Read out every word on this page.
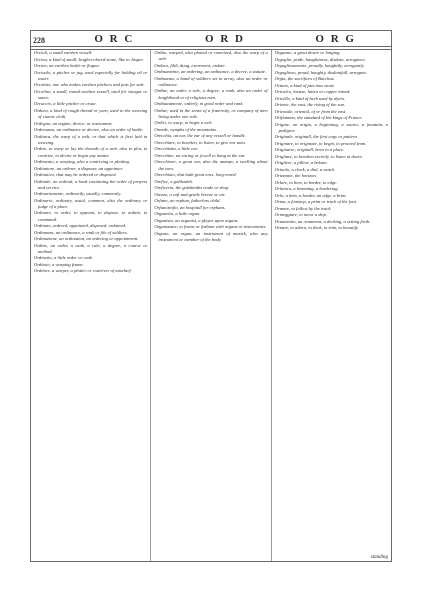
228	O R C	O R D	O R G

Orcioli, a small earthen vessell.

Orcina, a kind of small, bright-colored stone, like to Jasper.

Orcino, an earthen bottle or flagon.

Orciuolo, a pitcher or jug, used especially for holding oil or water.

Orcolaio, one who makes earthen pitchers and pots for sale.

Orcolino, a small, round earthen vessell, used for vinegar or sauce.

Orcuccio, a little pitcher or cruse.

Ordura, a kind of rough thread or yarn, used in the weaving of coarse cloth.

Ordegno, an engine, device, or instrument.

Ordenanza, an ordinance or decree, also an order of battle.

Orditura, the warp of a web, or that which is first laid in weaving.

Ordire, to warp or lay the threads of a web, also to plot, to contrive, to devise or begin any matter.

Ordimento, a warping, also a contriving or plotting.

Ordinatore, an orderer, a disposer, an appointer.

Ordinativo, that may be ordered or disposed.

Ordinale, an ordinal, a book containing the order of prayers and service.

Ordinariamente, ordinarily, usually, commonly.

Ordinario, ordinary, usual, common, also the ordinary or judge of a place.

Ordinare, to order, to appoint, to dispose, to ordain, to command.

Ordinato, ordered, appointed, disposed, ordained.

Ordinanza, an ordinance, a rank or file of soldiers.

Ordinazione, an ordination, an ordering or appointment.

Ordine, an order, a rank, a rule, a degree, a course or method.

Ordinetto, a little order or rank.

Orditoio, a warping frame.

Orditore, a warper, a plotter or contriver of mischief.

Ordito, warped, also plotted or contrived, also the warp of a web.

Ordura, filth, dung, excrement, ordure.

Ordinamento, an ordering, an ordinance, a decree, a statute.

Ordinanza, a band of soldiers set in array, also an order or ordinance.

Ordine, an order, a rule, a degree, a rank, also an order of knighthood or of religious men.

Ordinatamente, orderly, in good order and rank.

Ordine, used in the sense of a fraternity, or company of men living under one rule.

Ordiri, to warp, to begin a web.

Oreade, nymphs of the mountains.

Orecchia, an ear, the ear of any vessell or handle.

Orecchiare, to hearken, to listen, to give ear unto.

Orecchietta, a little ear.

Orecchino, an earing or jewell to hang at the ear.

Orecchione, a great ear, also the mumps, a swelling about the ears.

Orecchiuto, that hath great ears, long-eared.

Orefice, a goldsmith.

Oreficeria, the goldsmiths trade or shop.

Orezzo, a soft and gentle breeze or air.

Orfano, an orphan, fatherless child.

Orfanotrofio, an hospitall for orphans.

Organetto, a little organ.

Organista, an organist, a player upon organs.

Organizzare, to frame or fashion with organs or instruments.

Organo, an organ, an instrument of musick, also any instrument or member of the body.

Orgasmo, a great desire or longing.

Orgoglio, pride, haughtiness, disdain, arrogance.

Orgogliosamente, proudly, haughtily, arrogantly.

Orgoglioso, proud, haughty, disdainfull, arrogant.

Orgia, the sacrifices of Bacchus.

Oriano, a kind of precious stone.

Oricalco, brasse, latten or copper mixed.

Oricello, a kind of herb used by dyers.

Oriente, the east, the rising of the sun.

Orientale, oriental, of or from the east.

Orifiamma, the standard of the kings of France.

Origine, an origin, a beginning, a source, a fountain, a pedigree.

Originale, originall, the first copy or pattern.

Originare, to originate, to begin, to proceed from.

Originario, originall, born in a place.

Origliare, to hearken secretly, to listen at doors.

Origliere, a pillow, a bolster.

Oriuolo, a clock, a dial, a watch.

Orizzonte, the horizon.

Orlare, to hem, to border, to edge.

Orlatura, a hemming, a bordering.

Orlo, a hem, a border, an edge, a brim.

Orma, a footstep, a print or track of the foot.

Ormare, to follow by the track.

Ormeggiare, to moor a ship.

Ornamento, an ornament, a decking, a setting forth.

Ornare, to adorn, to deck, to trim, to beautify.

standing
